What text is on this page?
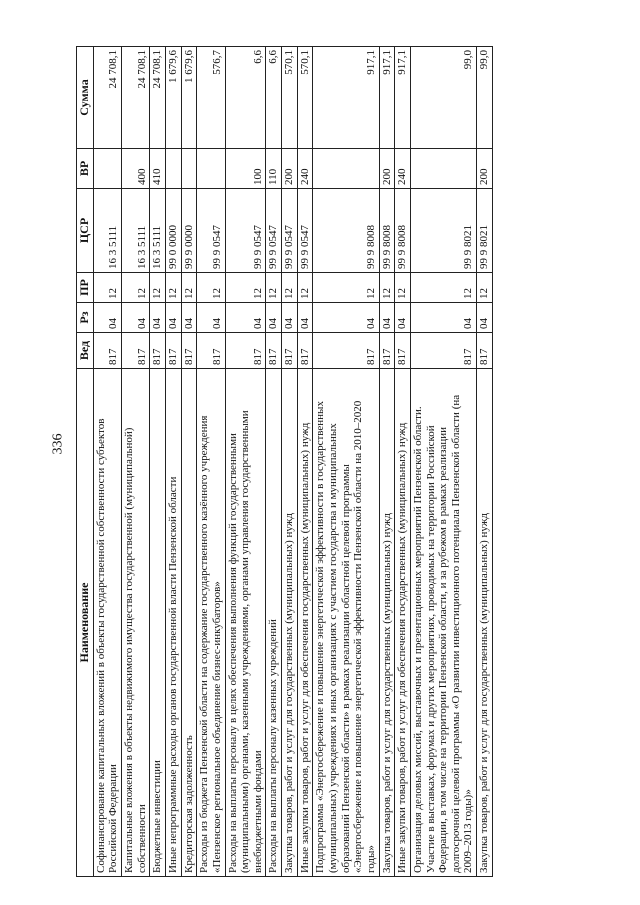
336
Наименование	Вед	Рз	ПР	ЦСР	ВР	Сумма
Софинансирование капитальных вложений в объекты государственной собственности субъектов Российской Федерации	817	04	12	16 3 5111		24 708,1
Капитальные вложения в объекты недвижимого имущества государственной (муниципальной) собственности	817	04	12	16 3 5111	400	24 708,1
Бюджетные инвестиции	817	04	12	16 3 5111	410	24 708,1
Иные непрограммные расходы органов государственной власти Пензенской области	817	04	12	99 0 0000		1 679,6
Кредиторская задолженность	817	04	12	99 9 0000		1 679,6
Расходы из бюджета Пензенской области на содержание государственного казённого учреждения «Пензенское региональное объединение бизнес-инкубаторов»	817	04	12	99 9 0547		576,7
Расходы на выплаты персоналу в целях обеспечения выполнения функций государственными (муниципальными) органами, казенными учреждениями, органами управления государственными внебюджетными фондами	817	04	12	99 9 0547	100	6,6
Расходы на выплаты персоналу казенных учреждений	817	04	12	99 9 0547	110	6,6
Закупка товаров, работ и услуг для государственных (муниципальных) нужд	817	04	12	99 9 0547	200	570,1
Иные закупки товаров, работ и услуг для обеспечения государственных (муниципальных) нужд	817	04	12	99 9 0547	240	570,1
Подпрограмма «Энергосбережение и повышение энергетической эффективности в государственных (муниципальных) учреждениях и иных организациях с участием государства и муниципальных образований Пензенской области» в рамках реализации областной целевой программы «Энергосбережение и повышение энергетической эффективности Пензенской области на 2010–2020 годы»	817	04	12	99 9 8008		917,1
Закупка товаров, работ и услуг для государственных (муниципальных) нужд	817	04	12	99 9 8008	200	917,1
Иные закупки товаров, работ и услуг для обеспечения государственных (муниципальных) нужд	817	04	12	99 9 8008	240	917,1
Организация деловых миссий, выставочных и презентационных мероприятий Пензенской области. Участие в выставках, форумах и других мероприятиях, проводимых на территории Российской Федерации, в том числе на территории Пензенской области, и за рубежом в рамках реализации долгосрочной целевой программы «О развитии инвестиционного потенциала Пензенской области (на 2009–2013 годы)»	817	04	12	99 9 8021		99,0
Закупка товаров, работ и услуг для государственных (муниципальных) нужд	817	04	12	99 9 8021	200	99,0
